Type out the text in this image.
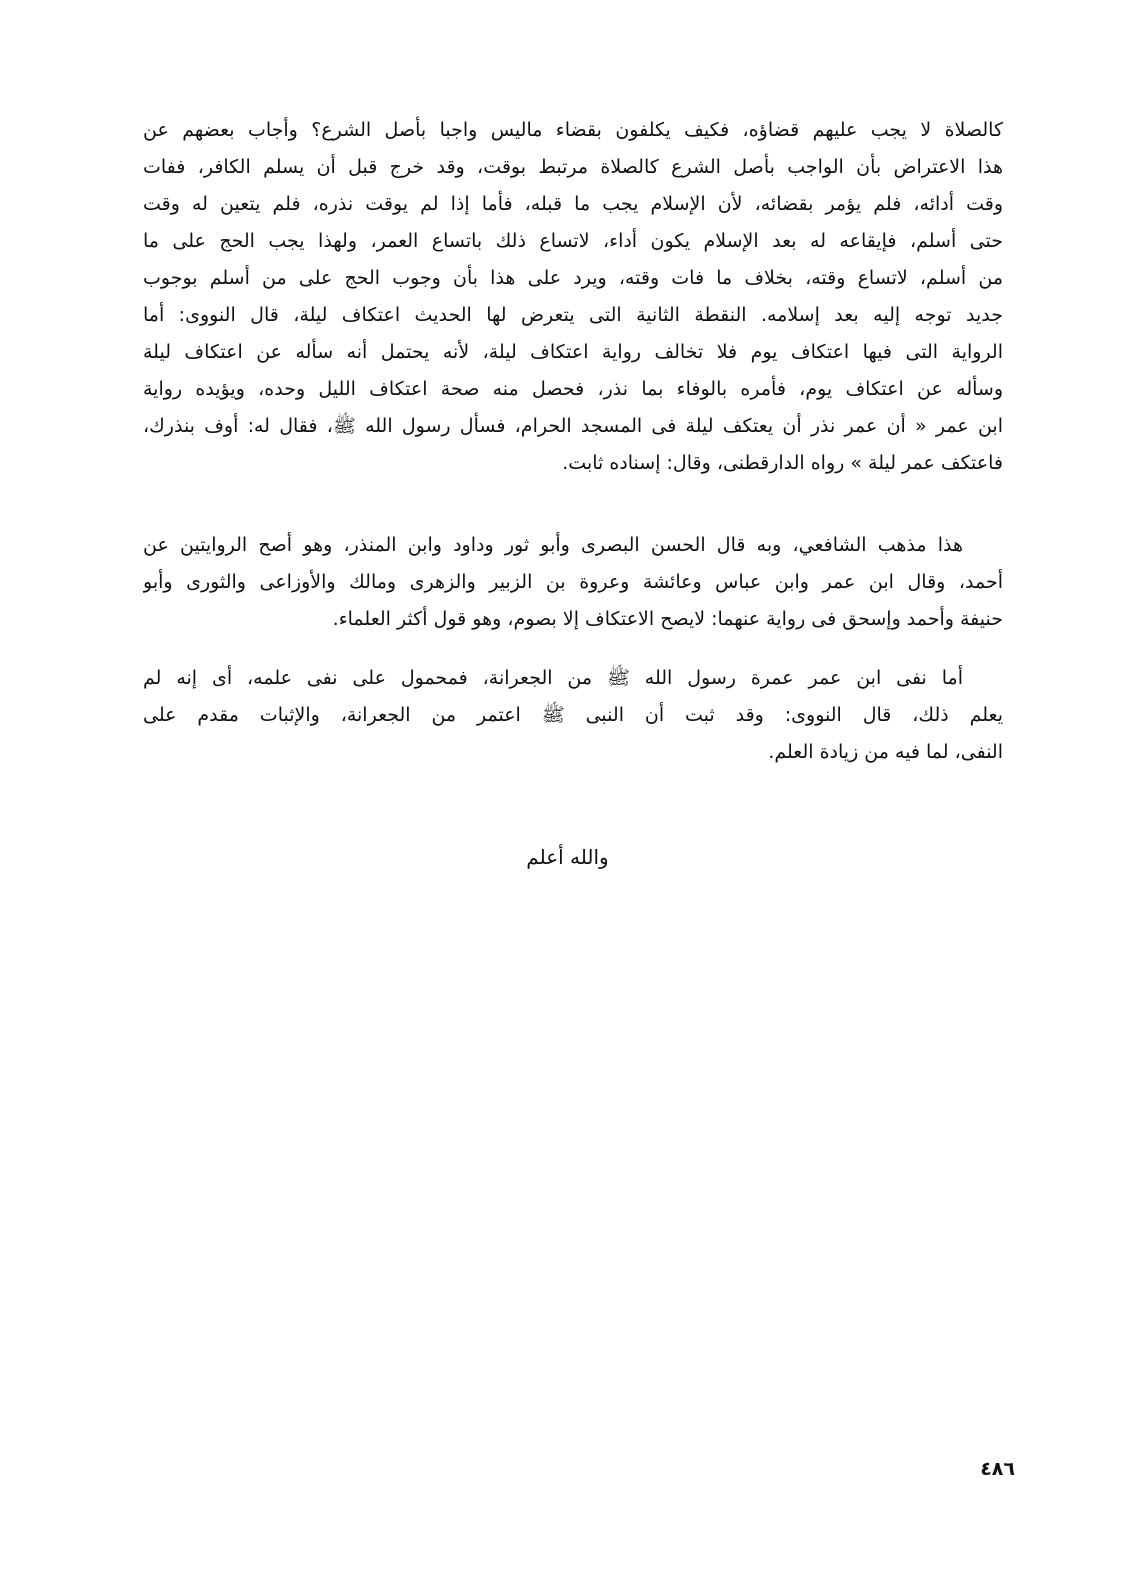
كالصلاة لا يجب عليهم قضاؤه، فكيف يكلفون بقضاء ماليس واجبا بأصل الشرع؟ وأجاب بعضهم عن
هذا الاعتراض بأن الواجب بأصل الشرع كالصلاة مرتبط بوقت، وقد خرج قبل أن يسلم الكافر، ففات
وقت أدائه، فلم يؤمر بقضائه، لأن الإسلام يجب ما قبله، فأما إذا لم يوقت نذره، فلم يتعين له وقت
حتى أسلم، فإيقاعه له بعد الإسلام يكون أداء، لاتساع ذلك باتساع العمر، ولهذا يجب الحج على ما
من أسلم، لاتساع وقته، بخلاف ما فات وقته، ويرد على هذا بأن وجوب الحج على من أسلم بوجوب
جديد توجه إليه بعد إسلامه. النقطة الثانية التى يتعرض لها الحديث اعتكاف ليلة، قال النووى: أما
الرواية التى فيها اعتكاف يوم فلا تخالف رواية اعتكاف ليلة، لأنه يحتمل أنه سأله عن اعتكاف ليلة
وسأله عن اعتكاف يوم، فأمره بالوفاء بما نذر، فحصل منه صحة اعتكاف الليل وحده، ويؤيده رواية
ابن عمر « أن عمر نذر أن يعتكف ليلة فى المسجد الحرام، فسأل رسول الله ﷺ، فقال له: أوف بنذرك،
فاعتكف عمر ليلة » رواه الدارقطنى، وقال: إسناده ثابت.
هذا مذهب الشافعي، وبه قال الحسن البصرى وأبو ثور وداود وابن المنذر، وهو أصح الروايتين عن
أحمد، وقال ابن عمر وابن عباس وعائشة وعروة بن الزبير والزهرى ومالك والأوزاعى والثورى وأبو
حنيفة وأحمد وإسحق فى رواية عنهما: لايصح الاعتكاف إلا بصوم، وهو قول أكثر العلماء.
أما نفى ابن عمر عمرة رسول الله ﷺ من الجعرانة، فمحمول على نفى علمه، أى إنه لم
يعلم ذلك، قال النووى: وقد ثبت أن النبى ﷺ اعتمر من الجعرانة، والإثبات مقدم على
النفى، لما فيه من زيادة العلم.
والله أعلم
٤٨٦
